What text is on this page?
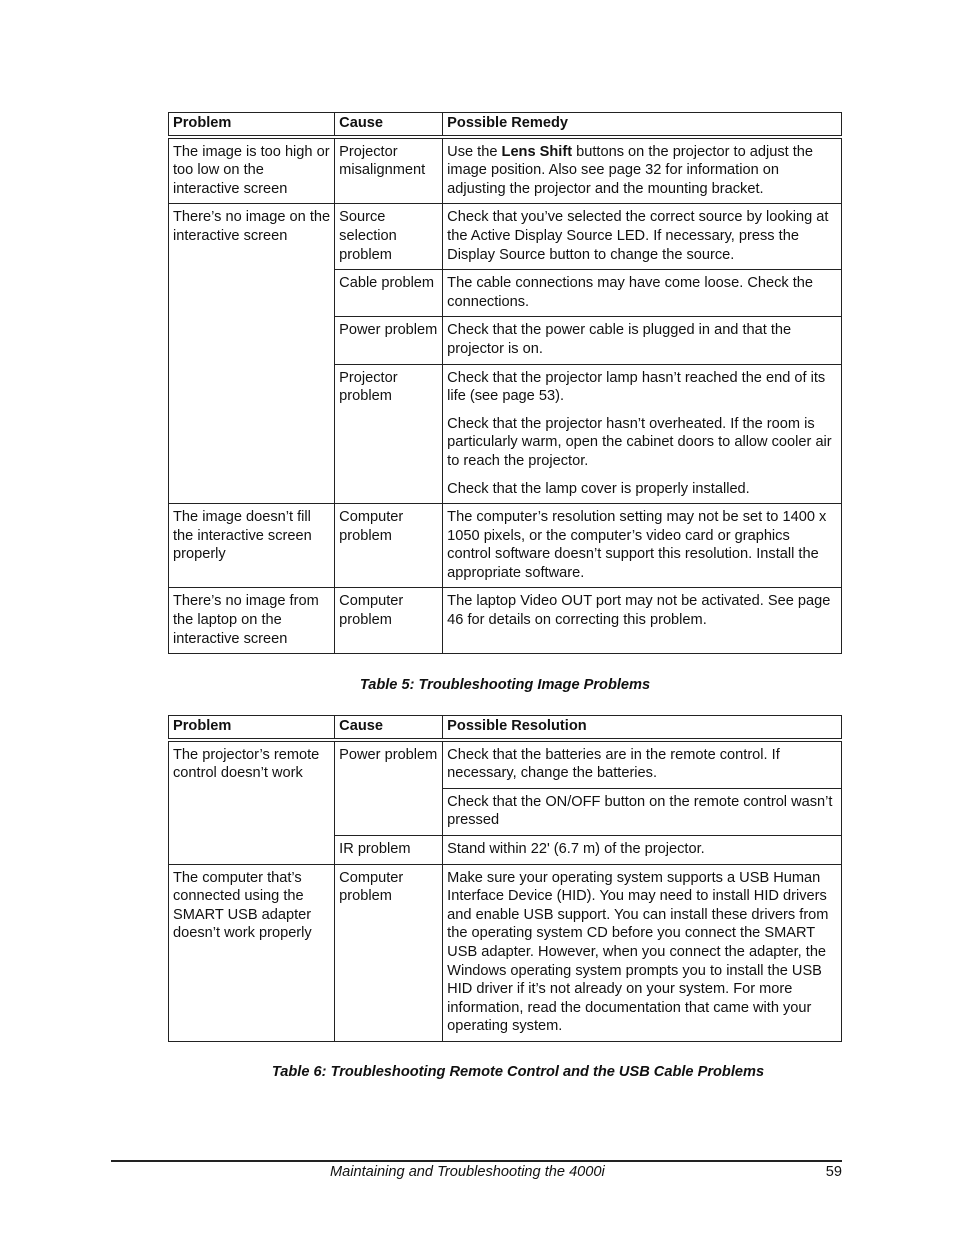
Problem	Cause	Possible Remedy
The image is too high or too low on the interactive screen	Projector misalignment	Use the Lens Shift buttons on the projector to adjust the image position. Also see page 32 for information on adjusting the projector and the mounting bracket.
There’s no image on the interactive screen	Source selection problem	Check that you’ve selected the correct source by looking at the Active Display Source LED. If necessary, press the Display Source button to change the source.
	Cable problem	The cable connections may have come loose. Check the connections.
	Power problem	Check that the power cable is plugged in and that the projector is on.
	Projector problem	Check that the projector lamp hasn’t reached the end of its life (see page 53).

Check that the projector hasn’t overheated. If the room is particularly warm, open the cabinet doors to allow cooler air to reach the projector.

Check that the lamp cover is properly installed.

The image doesn’t fill the interactive screen properly	Computer problem	The computer’s resolution setting may not be set to 1400 x 1050 pixels, or the computer’s video card or graphics control software doesn’t support this resolution. Install the appropriate software.
There’s no image from the laptop on the interactive screen	Computer problem	The laptop Video OUT port may not be activated. See page 46 for details on correcting this problem.
Table 5: Troubleshooting Image Problems
Problem	Cause	Possible Resolution
The projector’s remote control doesn’t work	Power problem	Check that the batteries are in the remote control. If necessary, change the batteries.
		Check that the ON/OFF button on the remote control wasn’t pressed
	IR problem	Stand within 22' (6.7 m) of the projector.
The computer that’s connected using the SMART USB adapter doesn’t work properly	Computer problem	Make sure your operating system supports a USB Human Interface Device (HID). You may need to install HID drivers and enable USB support. You can install these drivers from the operating system CD before you connect the SMART USB adapter. However, when you connect the adapter, the Windows operating system prompts you to install the USB HID driver if it’s not already on your system. For more information, read the documentation that came with your operating system.
Table 6: Troubleshooting Remote Control and the USB Cable Problems
Maintaining and Troubleshooting the 4000i	59
